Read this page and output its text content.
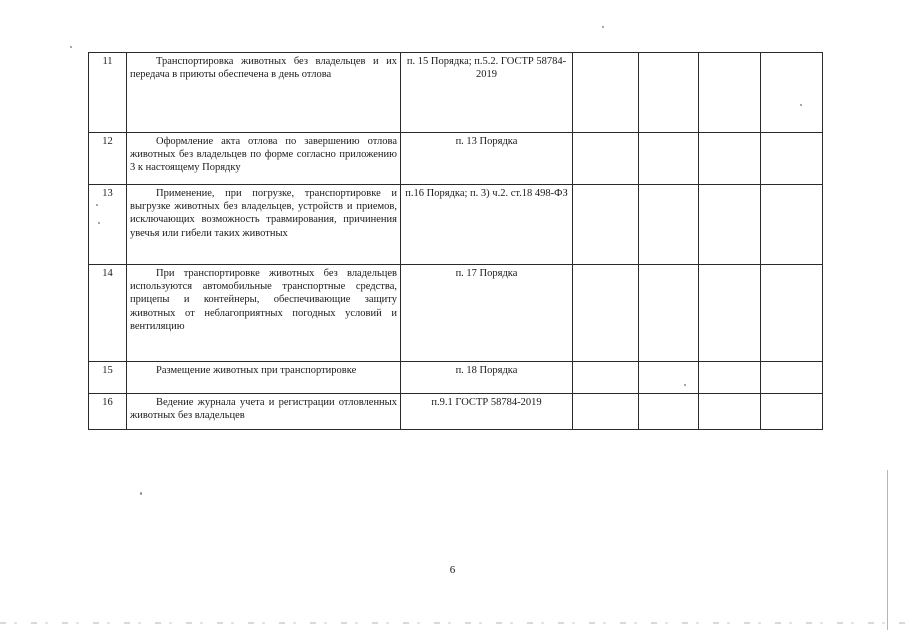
11	Транспортировка животных без владельцев и их передача в приюты обеспечена в день отлова	п. 15 Порядка; п.5.2. ГОСТР 58784-2019				
12	Оформление акта отлова по завершению отлова животных без владельцев по форме согласно приложению 3 к настоящему Порядку	п. 13 Порядка				
13	Применение, при погрузке, транспортировке и выгрузке животных без владельцев, устройств и приемов, исключающих возможность травмирования, причинения увечья или гибели таких животных	п.16 Порядка; п. 3) ч.2. ст.18 498-ФЗ				
14	При транспортировке животных без владельцев используются автомобильные транспортные средства, прицепы и контейнеры, обеспечивающие защиту животных от неблагоприятных погодных условий и вентиляцию	п. 17 Порядка				
15	Размещение животных при транспортировке	п. 18 Порядка				
16	Ведение журнала учета и регистрации отловленных животных без владельцев	п.9.1 ГОСТР 58784-2019				
6
